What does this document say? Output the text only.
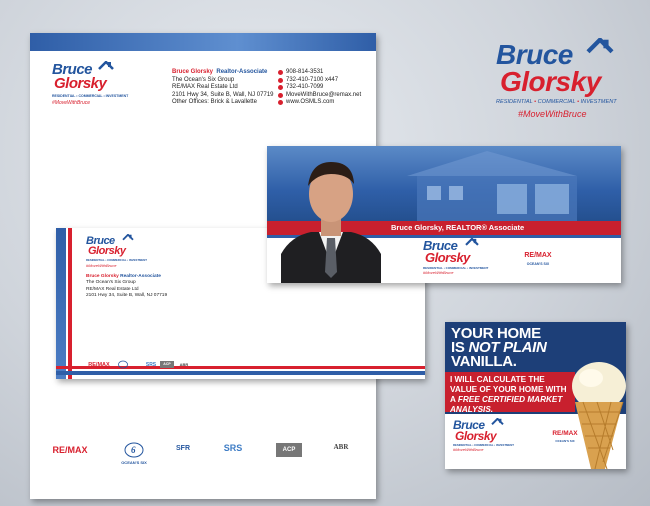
Bruce
Glorsky
RESIDENTIAL • COMMERCIAL • INVESTMENT
#MoveWithBruce
Bruce Glorsky Realtor-Associate
The Ocean's Six Group
RE/MAX Real Estate Ltd
2101 Hwy 34, Suite B, Wall, NJ 07719
Other Offices: Brick & Lavallette
908-814-3531
732-410-7100 x447
732-410-7099
MoveWithBruce@remax.net
www.OSMLS.com
RE/MAX	6
OCEAN'S SIX
SFR	SRS	ACP	ABR
Bruce
Glorsky
RESIDENTIAL • COMMERCIAL • INVESTMENT
#MoveWithBruce
Bruce Glorsky Realtor-Associate
The Ocean's Six Group
RE/MAX Real Estate Ltd
2101 Hwy 34, Suite B, Wall, NJ 07719
RE/MAX	SRS	ACP	ABR
Bruce Glorsky, REALTOR® Associate
Bruce
Glorsky
RESIDENTIAL • COMMERCIAL • INVESTMENT
#MoveWithBruce
RE/MAX
OCEAN'S SIX
Bruce
Glorsky
RESIDENTIAL • COMMERCIAL • INVESTMENT
#MoveWithBruce
YOUR HOME
IS NOT PLAIN
VANILLA.
I WILL CALCULATE THE VALUE OF YOUR HOME WITH A FREE CERTIFIED MARKET ANALYSIS.
Bruce
Glorsky
RESIDENTIAL • COMMERCIAL • INVESTMENT
#MoveWithBruce
RE/MAX
OCEAN'S SIX
